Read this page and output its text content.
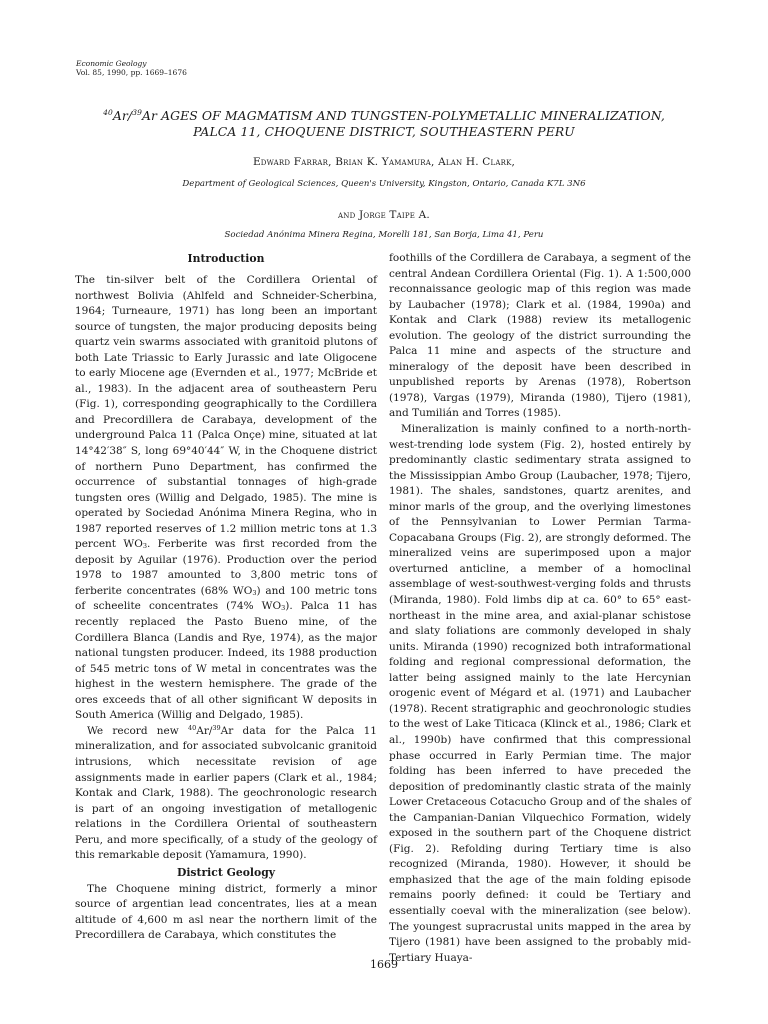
Economic Geology
Vol. 85, 1990, pp. 1669–1676
$^{40}$Ar/$^{39}$Ar AGES OF MAGMATISM AND TUNGSTEN-POLYMETALLIC MINERALIZATION,
PALCA 11, CHOQUENE DISTRICT, SOUTHEASTERN PERU
Edward Farrar, Brian K. Yamamura, Alan H. Clark,
Department of Geological Sciences, Queen's University, Kingston, Ontario, Canada K7L 3N6
and Jorge Taipe A.
Sociedad Anónima Minera Regina, Morelli 181, San Borja, Lima 41, Peru
Introduction

The tin-silver belt of the Cordillera Oriental of northwest Bolivia (Ahlfeld and Schneider-Scherbina, 1964; Turneaure, 1971) has long been an important source of tungsten, the major producing deposits being quartz vein swarms associated with granitoid plutons of both Late Triassic to Early Jurassic and late Oligocene to early Miocene age (Evernden et al., 1977; McBride et al., 1983). In the adjacent area of southeastern Peru (Fig. 1), corresponding geographically to the Cordillera and Precordillera de Carabaya, development of the underground Palca 11 (Palca Onçe) mine, situated at lat 14°42′38″ S, long 69°40′44″ W, in the Choquene district of northern Puno Department, has confirmed the occurrence of substantial tonnages of high-grade tungsten ores (Willig and Delgado, 1985). The mine is operated by Sociedad Anónima Minera Regina, who in 1987 reported reserves of 1.2 million metric tons at 1.3 percent $WO_3$. Ferberite was first recorded from the deposit by Aguilar (1976). Production over the period 1978 to 1987 amounted to 3,800 metric tons of ferberite concentrates (68% $WO_3$) and 100 metric tons of scheelite concentrates (74% $WO_3$). Palca 11 has recently replaced the Pasto Bueno mine, of the Cordillera Blanca (Landis and Rye, 1974), as the major national tungsten producer. Indeed, its 1988 production of 545 metric tons of W metal in concentrates was the highest in the western hemisphere. The grade of the ores exceeds that of all other significant W deposits in South America (Willig and Delgado, 1985).

We record new $^{40}$Ar/$^{39}$Ar data for the Palca 11 mineralization, and for associated subvolcanic granitoid intrusions, which necessitate revision of age assignments made in earlier papers (Clark et al., 1984; Kontak and Clark, 1988). The geochronologic research is part of an ongoing investigation of metallogenic relations in the Cordillera Oriental of southeastern Peru, and more specifically, of a study of the geology of this remarkable deposit (Yamamura, 1990).

District Geology

The Choquene mining district, formerly a minor source of argentian lead concentrates, lies at a mean altitude of 4,600 m asl near the northern limit of the Precordillera de Carabaya, which constitutes the

foothills of the Cordillera de Carabaya, a segment of the central Andean Cordillera Oriental (Fig. 1). A 1:500,000 reconnaissance geologic map of this region was made by Laubacher (1978); Clark et al. (1984, 1990a) and Kontak and Clark (1988) review its metallogenic evolution. The geology of the district surrounding the Palca 11 mine and aspects of the structure and mineralogy of the deposit have been described in unpublished reports by Arenas (1978), Robertson (1978), Vargas (1979), Miranda (1980), Tijero (1981), and Tumilián and Torres (1985).

Mineralization is mainly confined to a north-north-west-trending lode system (Fig. 2), hosted entirely by predominantly clastic sedimentary strata assigned to the Mississippian Ambo Group (Laubacher, 1978; Tijero, 1981). The shales, sandstones, quartz arenites, and minor marls of the group, and the overlying limestones of the Pennsylvanian to Lower Permian Tarma-Copacabana Groups (Fig. 2), are strongly deformed. The mineralized veins are superimposed upon a major overturned anticline, a member of a homoclinal assemblage of west-southwest-verging folds and thrusts (Miranda, 1980). Fold limbs dip at ca. 60° to 65° east-northeast in the mine area, and axial-planar schistose and slaty foliations are commonly developed in shaly units. Miranda (1990) recognized both intraformational folding and regional compressional deformation, the latter being assigned mainly to the late Hercynian orogenic event of Mégard et al. (1971) and Laubacher (1978). Recent stratigraphic and geochronologic studies to the west of Lake Titicaca (Klinck et al., 1986; Clark et al., 1990b) have confirmed that this compressional phase occurred in Early Permian time. The major folding has been inferred to have preceded the deposition of predominantly clastic strata of the mainly Lower Cretaceous Cotacucho Group and of the shales of the Campanian-Danian Vilquechico Formation, widely exposed in the southern part of the Choquene district (Fig. 2). Refolding during Tertiary time is also recognized (Miranda, 1980). However, it should be emphasized that the age of the main folding episode remains poorly defined: it could be Tertiary and essentially coeval with the mineralization (see below). The youngest supracrustal units mapped in the area by Tijero (1981) have been assigned to the probably mid-Tertiary Huaya-

1669
